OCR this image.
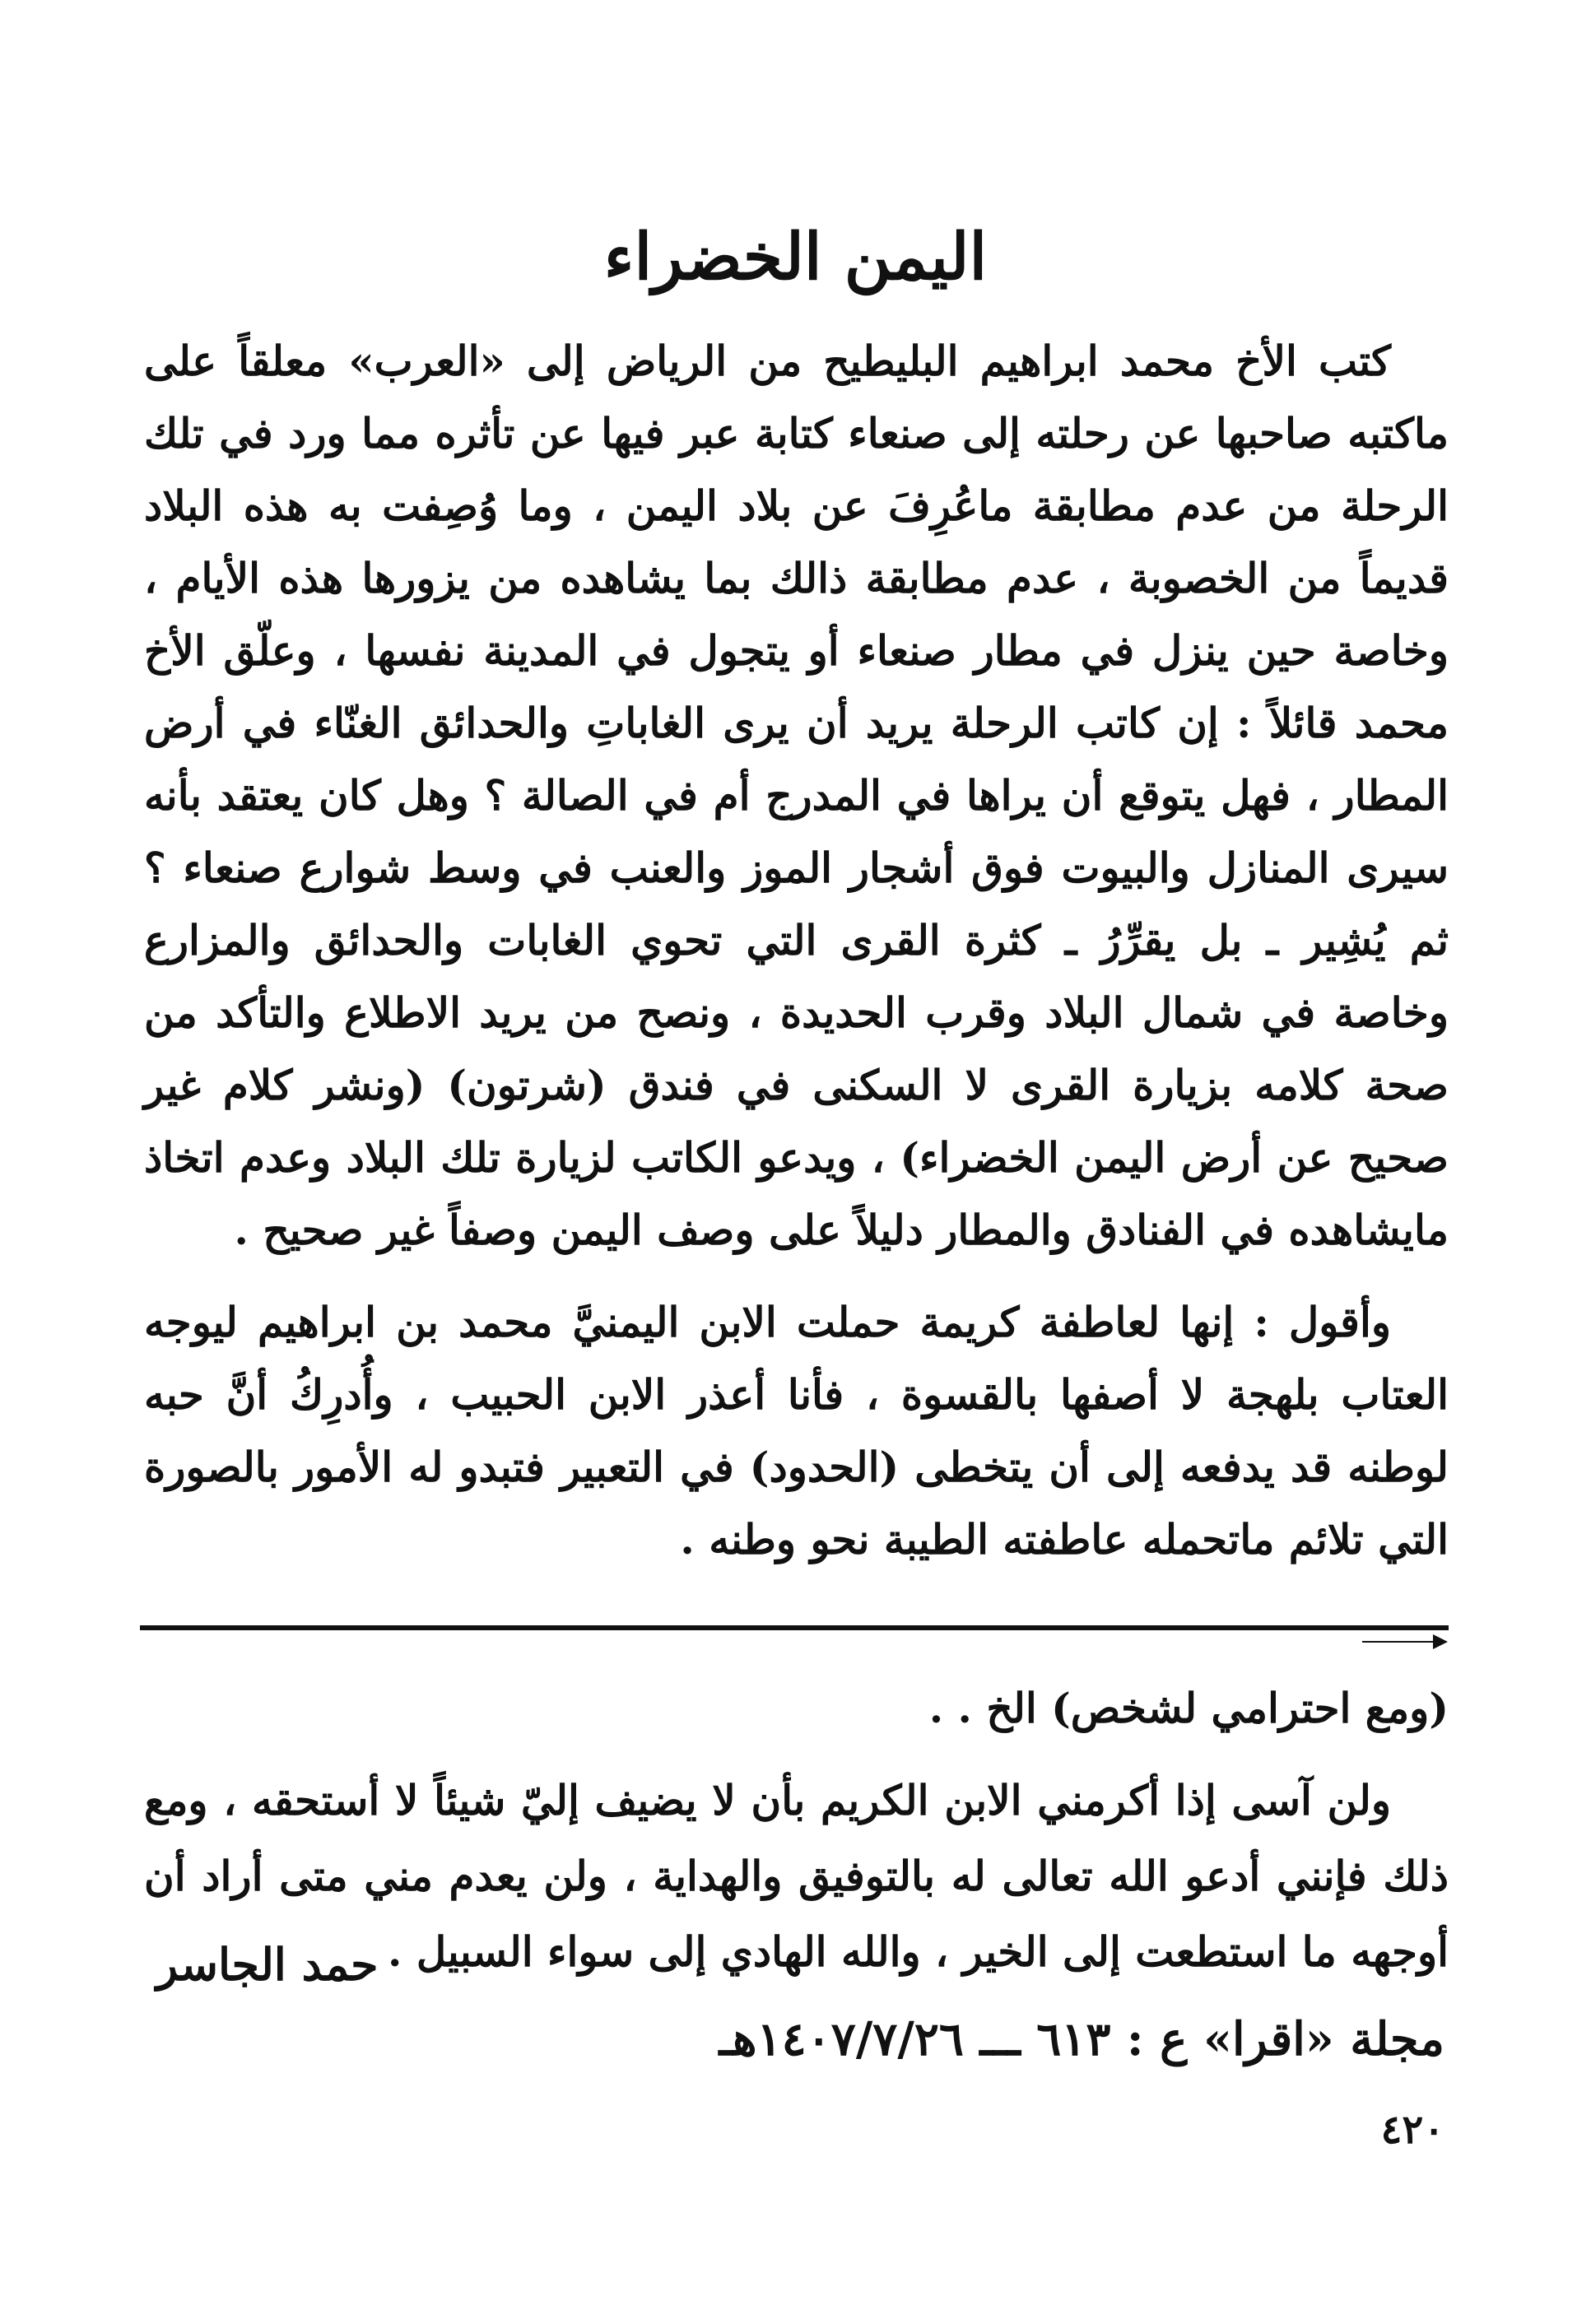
اليمن الخضراء

كتب الأخ محمد ابراهيم البليطيح من الرياض إلى «العرب» معلقاً على ماكتبه صاحبها عن رحلته إلى صنعاء كتابة عبر فيها عن تأثره مما ورد في تلك الرحلة من عدم مطابقة ماعُرِفَ عن بلاد اليمن ، وما وُصِفت به هذه البلاد قديماً من الخصوبة ، عدم مطابقة ذالك بما يشاهده من يزورها هذه الأيام ، وخاصة حين ينزل في مطار صنعاء أو يتجول في المدينة نفسها ، وعلّق الأخ محمد قائلاً : إن كاتب الرحلة يريد أن يرى الغاباتِ والحدائق الغنّاء في أرض المطار ، فهل يتوقع أن يراها في المدرج أم في الصالة ؟ وهل كان يعتقد بأنه سيرى المنازل والبيوت فوق أشجار الموز والعنب في وسط شوارع صنعاء ؟ ثم يُشِير ـ بل يقرِّرُ ـ كثرة القرى التي تحوي الغابات والحدائق والمزارع وخاصة في شمال البلاد وقرب الحديدة ، ونصح من يريد الاطلاع والتأكد من صحة كلامه بزيارة القرى لا السكنى في فندق (شرتون) (ونشر كلام غير صحيح عن أرض اليمن الخضراء) ، ويدعو الكاتب لزيارة تلك البلاد وعدم اتخاذ مايشاهده في الفنادق والمطار دليلاً على وصف اليمن وصفاً غير صحيح .

وأقول : إنها لعاطفة كريمة حملت الابن اليمنيَّ محمد بن ابراهيم ليوجه العتاب بلهجة لا أصفها بالقسوة ، فأنا أعذر الابن الحبيب ، وأُدرِكُ أنَّ حبه لوطنه قد يدفعه إلى أن يتخطى (الحدود) في التعبير فتبدو له الأمور بالصورة التي تلائم ماتحمله عاطفته الطيبة نحو وطنه .

(ومع احترامي لشخص) الخ . .

ولن آسى إذا أكرمني الابن الكريم بأن لا يضيف إليّ شيئاً لا أستحقه ، ومع ذلك فإنني أدعو الله تعالى له بالتوفيق والهداية ، ولن يعدم مني متى أراد أن أوجهه ما استطعت إلى الخير ، والله الهادي إلى سواء السبيل .

حمد الجاسر
مجلة «اقرا» ع : ٦١٣ ـــ ١٤٠٧/٧/٢٦هـ
٤٢٠
